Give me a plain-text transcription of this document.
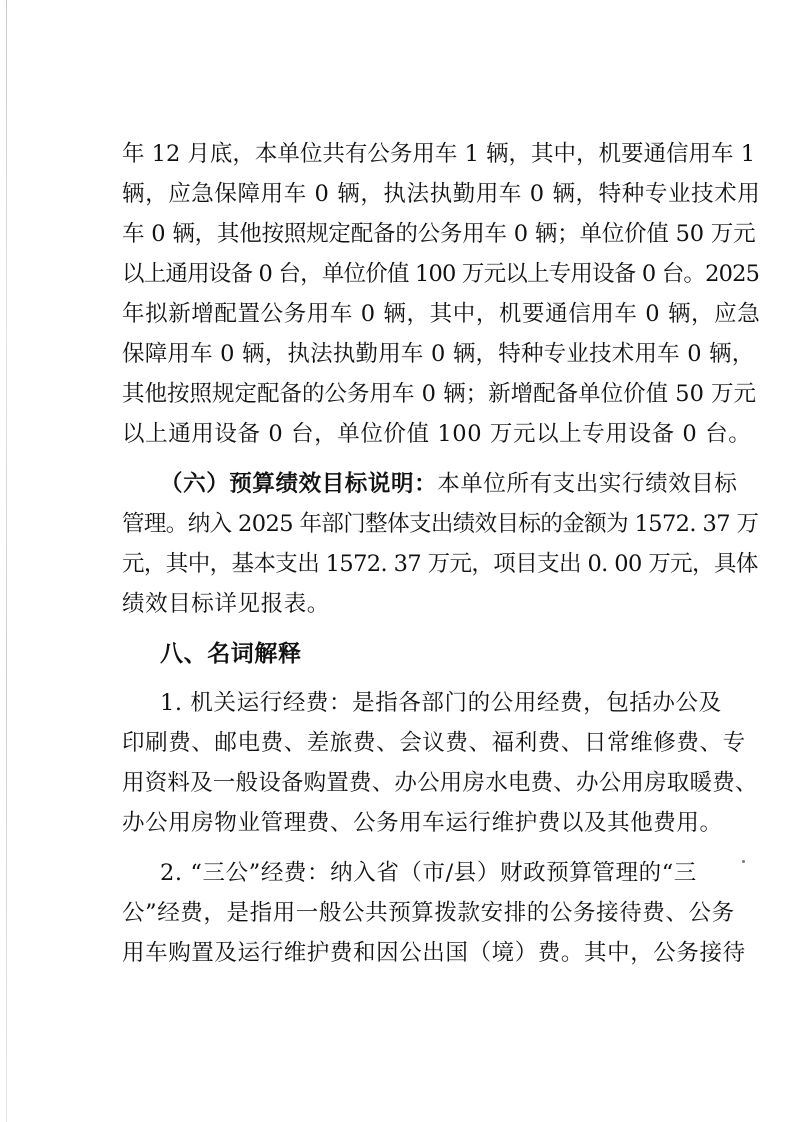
年 12 月底，本单位共有公务用车 1 辆，其中，机要通信用车 1
辆，应急保障用车 0 辆，执法执勤用车 0 辆，特种专业技术用
车 0 辆，其他按照规定配备的公务用车 0 辆；单位价值 50 万元
以上通用设备 0 台，单位价值 100 万元以上专用设备 0 台。2025
年拟新增配置公务用车 0 辆，其中，机要通信用车 0 辆，应急
保障用车 0 辆，执法执勤用车 0 辆，特种专业技术用车 0 辆，
其他按照规定配备的公务用车 0 辆；新增配备单位价值 50 万元
以上通用设备 0 台，单位价值 100 万元以上专用设备 0 台。
（六）预算绩效目标说明：本单位所有支出实行绩效目标
管理。纳入 2025 年部门整体支出绩效目标的金额为 1572. 37 万
元，其中，基本支出 1572. 37 万元，项目支出 0. 00 万元，具体
绩效目标详见报表。
八、名词解释
1. 机关运行经费：是指各部门的公用经费，包括办公及
印刷费、邮电费、差旅费、会议费、福利费、日常维修费、专
用资料及一般设备购置费、办公用房水电费、办公用房取暖费、
办公用房物业管理费、公务用车运行维护费以及其他费用。
2. “三公”经费：纳入省（市/县）财政预算管理的“三
公”经费，是指用一般公共预算拨款安排的公务接待费、公务
用车购置及运行维护费和因公出国（境）费。其中，公务接待
